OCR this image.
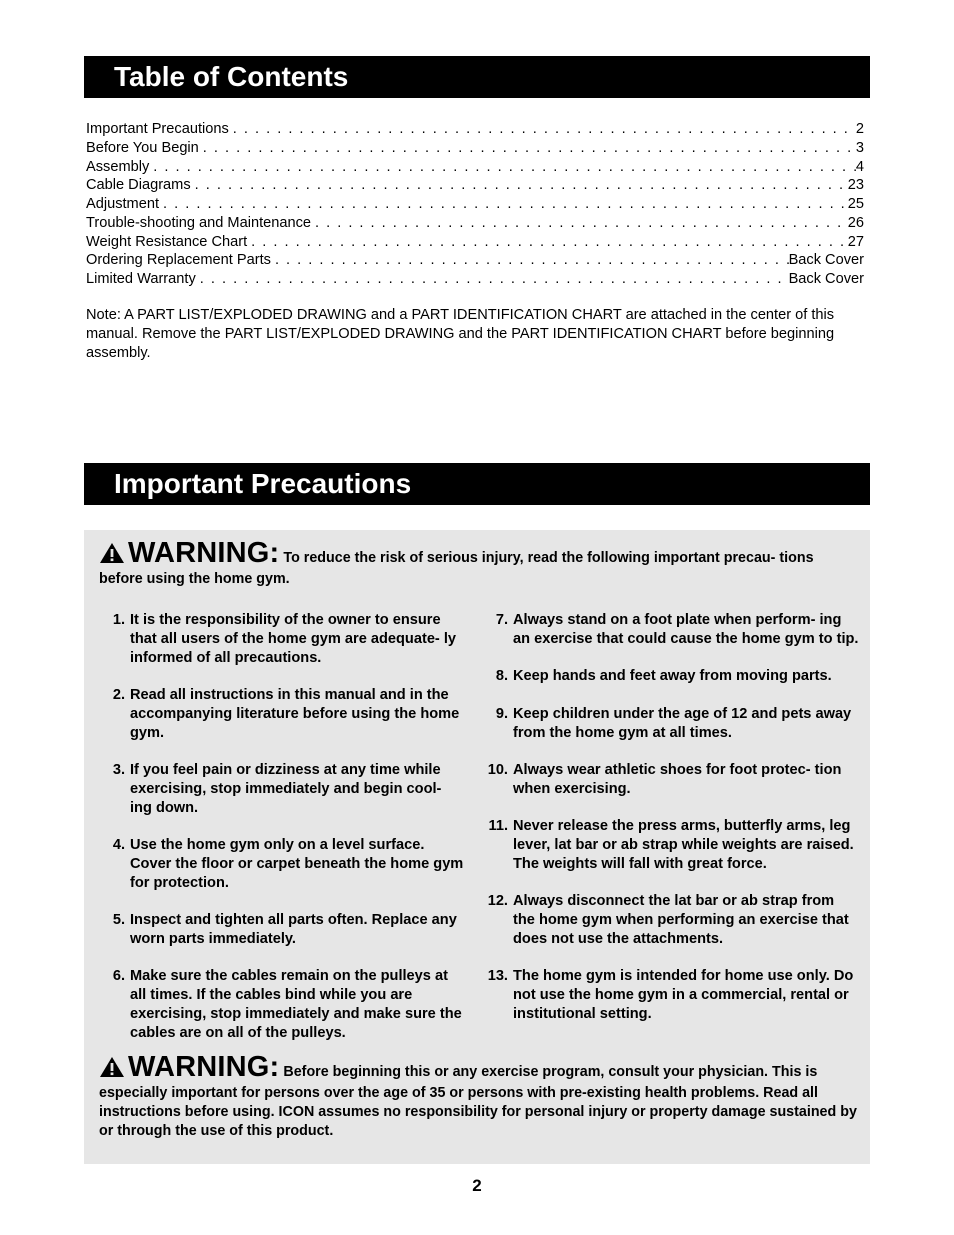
Table of Contents
Important Precautions . . .	2
Before You Begin . . .	3
Assembly . . .	4
Cable Diagrams . . .	23
Adjustment . . .	25
Trouble-shooting and Maintenance . . .	26
Weight Resistance Chart . . .	27
Ordering Replacement Parts . . .	Back Cover
Limited Warranty . . .	Back Cover
Note: A PART LIST/EXPLODED DRAWING and a PART IDENTIFICATION CHART are attached in the center of this manual. Remove the PART LIST/EXPLODED DRAWING and the PART IDENTIFICATION CHART before beginning assembly.
Important Precautions
WARNING: To reduce the risk of serious injury, read the following important precau- tions before using the home gym.
1. It is the responsibility of the owner to ensure that all users of the home gym are adequate- ly informed of all precautions.
2. Read all instructions in this manual and in the accompanying literature before using the home gym.
3. If you feel pain or dizziness at any time while exercising, stop immediately and begin cool- ing down.
4. Use the home gym only on a level surface. Cover the floor or carpet beneath the home gym for protection.
5. Inspect and tighten all parts often. Replace any worn parts immediately.
6. Make sure the cables remain on the pulleys at all times. If the cables bind while you are exercising, stop immediately and make sure the cables are on all of the pulleys.
7. Always stand on a foot plate when perform- ing an exercise that could cause the home gym to tip.
8. Keep hands and feet away from moving parts.
9. Keep children under the age of 12 and pets away from the home gym at all times.
10. Always wear athletic shoes for foot protec- tion when exercising.
11. Never release the press arms, butterfly arms, leg lever, lat bar or ab strap while weights are raised. The weights will fall with great force.
12. Always disconnect the lat bar or ab strap from the home gym when performing an exercise that does not use the attachments.
13. The home gym is intended for home use only. Do not use the home gym in a commercial, rental or institutional setting.
WARNING: Before beginning this or any exercise program, consult your physician. This is especially important for persons over the age of 35 or persons with pre-existing health problems. Read all instructions before using. ICON assumes no responsibility for personal injury or property damage sustained by or through the use of this product.
2
